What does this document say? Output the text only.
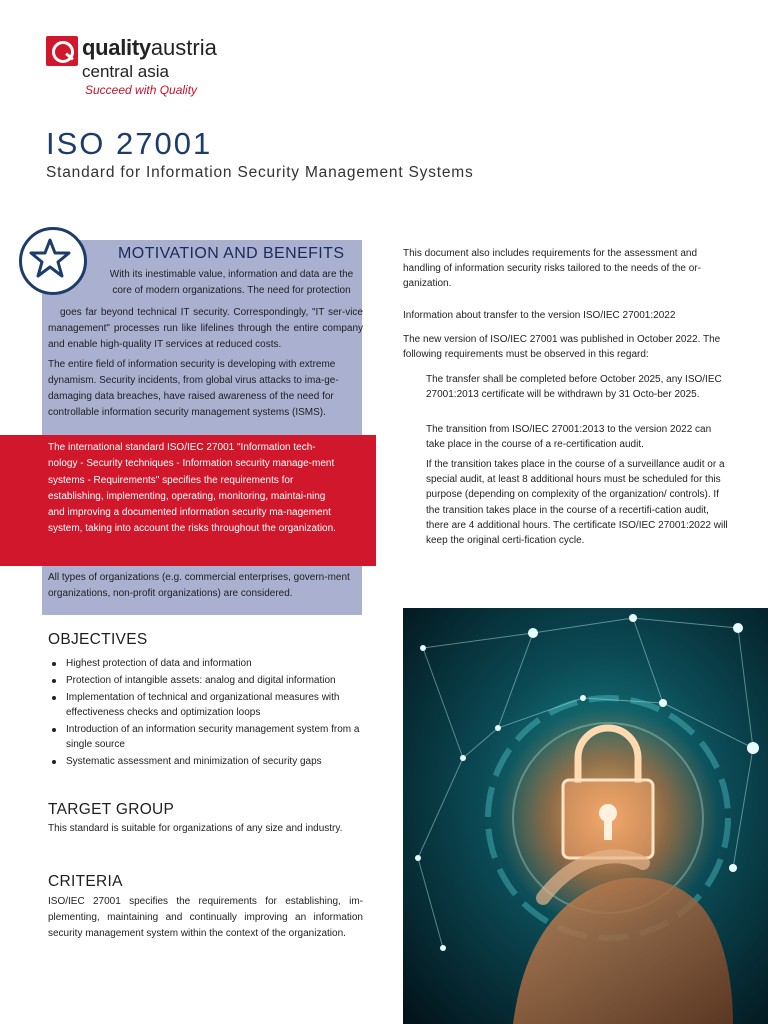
qualityaustria
central asia
Succeed with Quality
ISO 27001
Standard for Information Security Management Systems
MOTIVATION AND BENEFITS
With its inestimable value, information and data are the core of modern organizations. The need for protection
goes far beyond technical IT security. Correspondingly, "IT ser-vice management" processes run like lifelines through the entire company and enable high-quality IT services at reduced costs.
The entire field of information security is developing with extreme dynamism. Security incidents, from global virus attacks to ima-ge-damaging data breaches, have raised awareness of the need for controllable information security management systems (ISMS).
The international standard ISO/IEC 27001 "Information tech-nology - Security techniques - Information security manage-ment systems - Requirements" specifies the requirements for establishing, implementing, operating, monitoring, maintai-ning and improving a documented information security ma-nagement system, taking into account the risks throughout the organization.
All types of organizations (e.g. commercial enterprises, govern-ment organizations, non-profit organizations) are considered.
This document also includes requirements for the assessment and handling of information security risks tailored to the needs of the or-ganization.
Information about transfer to the version ISO/IEC 27001:2022
The new version of ISO/IEC 27001 was published in October 2022. The following requirements must be observed in this regard:
The transfer shall be completed before October 2025, any ISO/IEC 27001:2013 certificate will be withdrawn by 31 Octo-ber 2025.
The transition from ISO/IEC 27001:2013 to the version 2022 can take place in the course of a re-certification audit.
If the transition takes place in the course of a surveillance audit or a special audit, at least 8 additional hours must be scheduled for this purpose (depending on complexity of the organization/ controls). If the transition takes place in the course of a recertifi-cation audit, there are 4 additional hours. The certificate ISO/IEC 27001:2022 will keep the original certi-fication cycle.
OBJECTIVES
Highest protection of data and information
Protection of intangible assets: analog and digital information
Implementation of technical and organizational measures with effectiveness checks and optimization loops
Introduction of an information security management system from a single source
Systematic assessment and minimization of security gaps
TARGET GROUP
This standard is suitable for organizations of any size and industry.
CRITERIA
ISO/IEC 27001 specifies the requirements for establishing, im-plementing, maintaining and continually improving an information security management system within the context of the organization.
